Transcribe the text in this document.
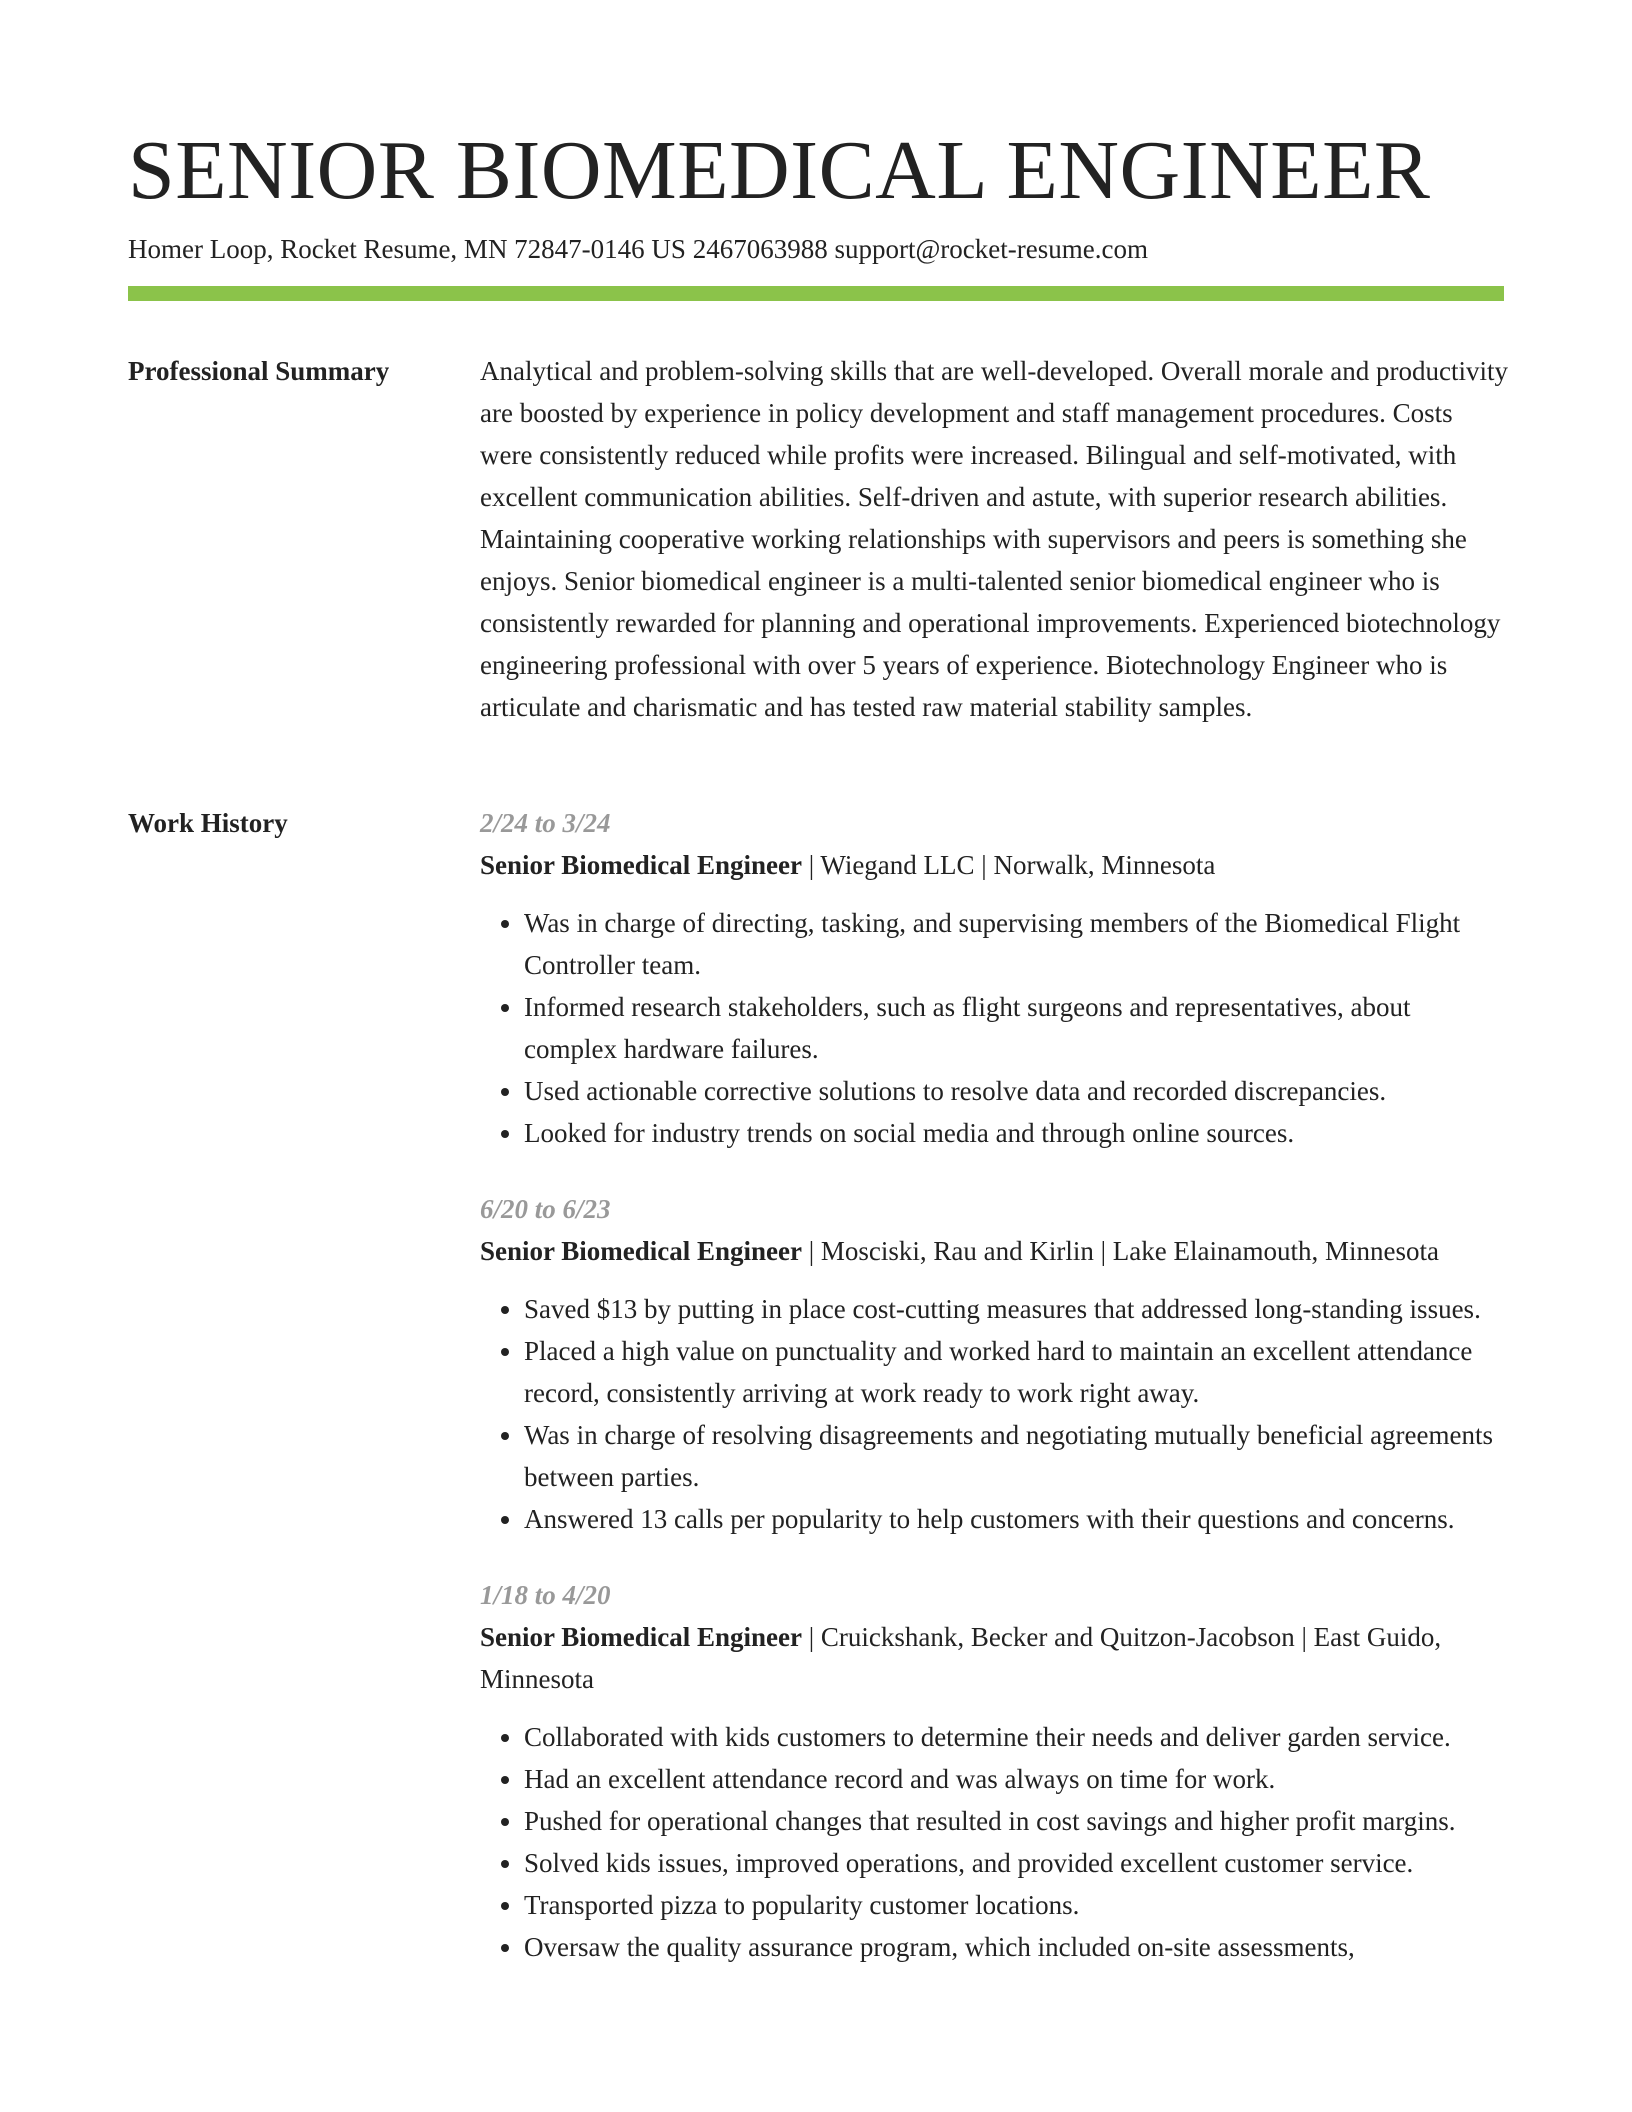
SENIOR BIOMEDICAL ENGINEER
Homer Loop, Rocket Resume, MN 72847-0146 US 2467063988 support@rocket-resume.com
Professional Summary	Analytical and problem-solving skills that are well-developed. Overall morale and productivity are boosted by experience in policy development and staff management procedures. Costs were consistently reduced while profits were increased. Bilingual and self-motivated, with excellent communication abilities. Self-driven and astute, with superior research abilities. Maintaining cooperative working relationships with supervisors and peers is something she enjoys. Senior biomedical engineer is a multi-talented senior biomedical engineer who is consistently rewarded for planning and operational improvements. Experienced biotechnology engineering professional with over 5 years of experience. Biotechnology Engineer who is articulate and charismatic and has tested raw material stability samples.

Work History	2/24 to 3/24
Senior Biomedical Engineer | Wiegand LLC | Norwalk, Minnesota
• Was in charge of directing, tasking, and supervising members of the Biomedical Flight Controller team.
• Informed research stakeholders, such as flight surgeons and representatives, about complex hardware failures.
• Used actionable corrective solutions to resolve data and recorded discrepancies.
• Looked for industry trends on social media and through online sources.
6/20 to 6/23
Senior Biomedical Engineer | Mosciski, Rau and Kirlin | Lake Elainamouth, Minnesota
• Saved $13 by putting in place cost-cutting measures that addressed long-standing issues.
• Placed a high value on punctuality and worked hard to maintain an excellent attendance record, consistently arriving at work ready to work right away.
• Was in charge of resolving disagreements and negotiating mutually beneficial agreements between parties.
• Answered 13 calls per popularity to help customers with their questions and concerns.
1/18 to 4/20
Senior Biomedical Engineer | Cruickshank, Becker and Quitzon-Jacobson | East Guido, Minnesota
• Collaborated with kids customers to determine their needs and deliver garden service.
• Had an excellent attendance record and was always on time for work.
• Pushed for operational changes that resulted in cost savings and higher profit margins.
• Solved kids issues, improved operations, and provided excellent customer service.
• Transported pizza to popularity customer locations.
• Oversaw the quality assurance program, which included on-site assessments,
